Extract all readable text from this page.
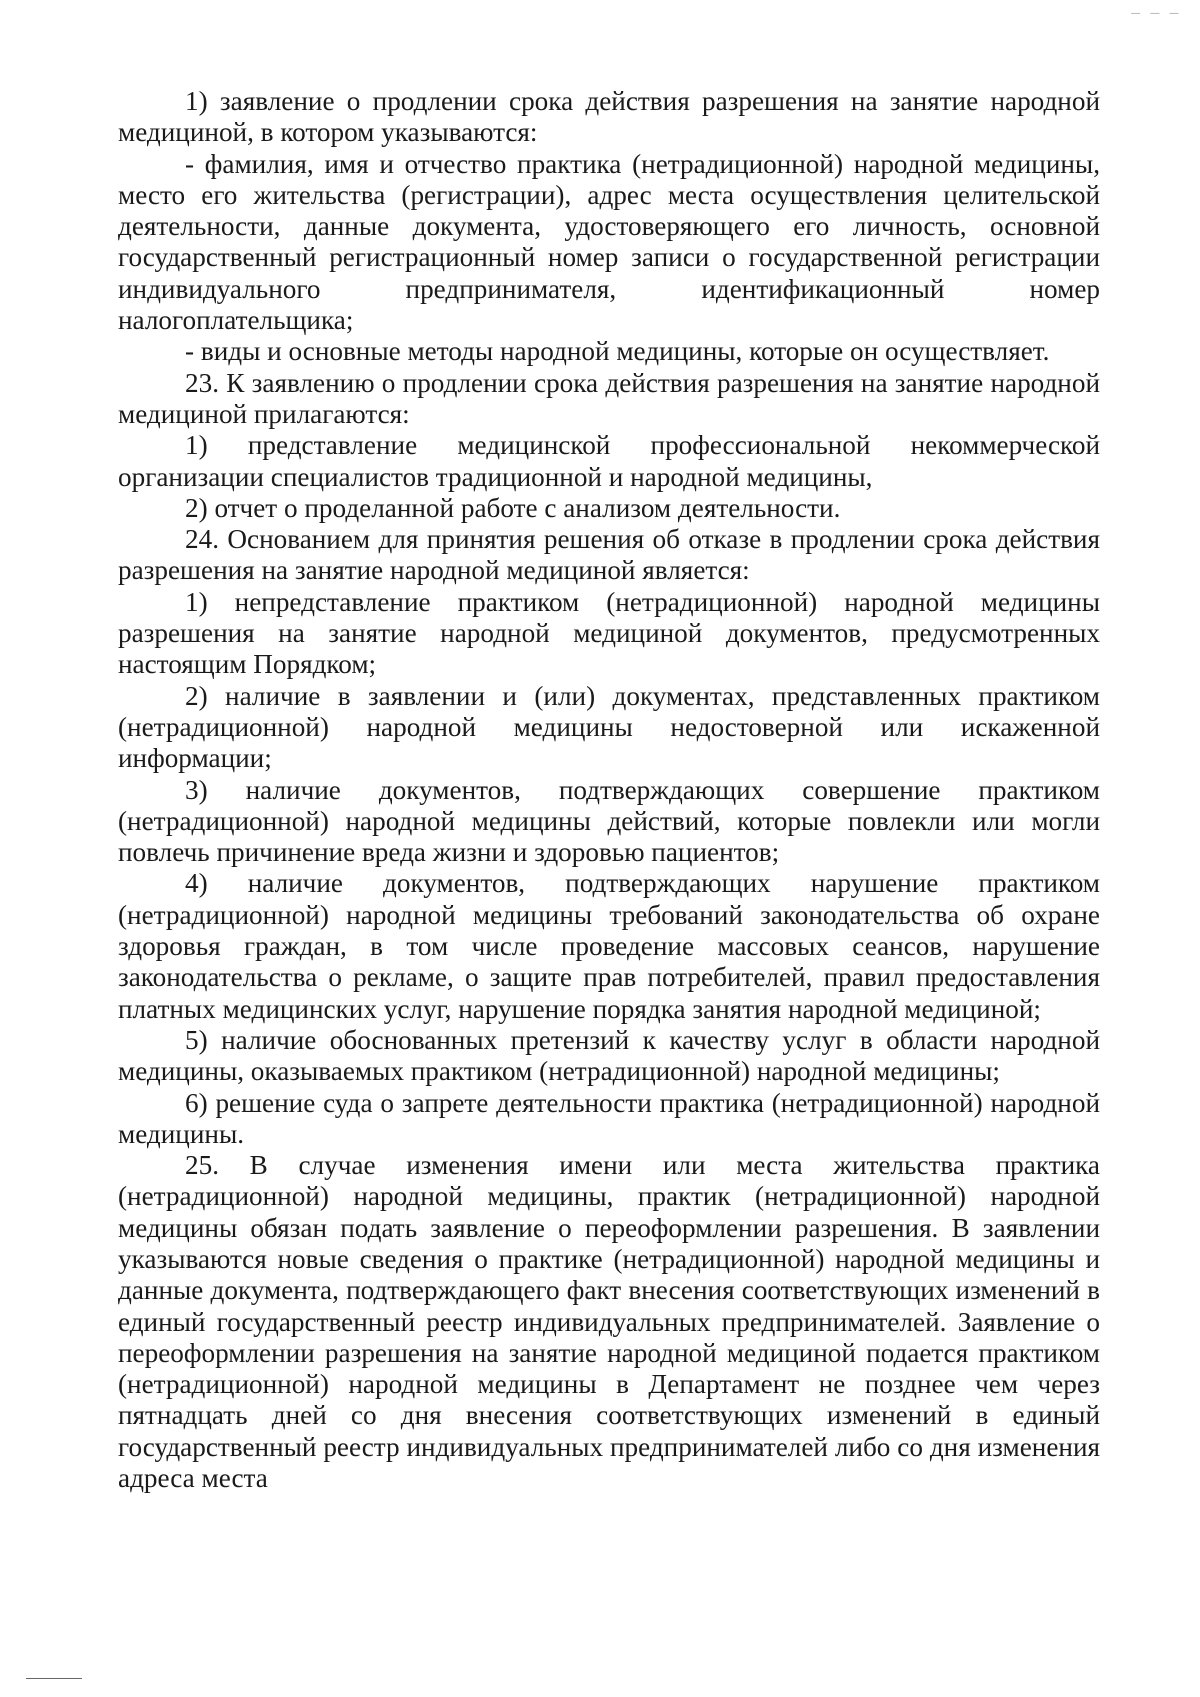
— — —

1) заявление о продлении срока действия разрешения на занятие народной медициной, в котором указываются:

- фамилия, имя и отчество практика (нетрадиционной) народной медицины, место его жительства (регистрации), адрес места осуществления целительской деятельности, данные документа, удостоверяющего его личность, основной государственный регистрационный номер записи о государственной регистрации индивидуального предпринимателя, идентификационный номер налогоплательщика;

- виды и основные методы народной медицины, которые он осуществляет.

23. К заявлению о продлении срока действия разрешения на занятие народной медициной прилагаются:

1) представление медицинской профессиональной некоммерческой организации специалистов традиционной и народной медицины,

2) отчет о проделанной работе с анализом деятельности.

24. Основанием для принятия решения об отказе в продлении срока действия разрешения на занятие народной медициной является:

1) непредставление практиком (нетрадиционной) народной медицины разрешения на занятие народной медициной документов, предусмотренных настоящим Порядком;

2) наличие в заявлении и (или) документах, представленных практиком (нетрадиционной) народной медицины недостоверной или искаженной информации;

3) наличие документов, подтверждающих совершение практиком (нетрадиционной) народной медицины действий, которые повлекли или могли повлечь причинение вреда жизни и здоровью пациентов;

4) наличие документов, подтверждающих нарушение практиком (нетрадиционной) народной медицины требований законодательства об охране здоровья граждан, в том числе проведение массовых сеансов, нарушение законодательства о рекламе, о защите прав потребителей, правил предоставления платных медицинских услуг, нарушение порядка занятия народной медициной;

5) наличие обоснованных претензий к качеству услуг в области народной медицины, оказываемых практиком (нетрадиционной) народной медицины;

6) решение суда о запрете деятельности практика (нетрадиционной) народной медицины.

25. В случае изменения имени или места жительства практика (нетрадиционной) народной медицины, практик (нетрадиционной) народной медицины обязан подать заявление о переоформлении разрешения. В заявлении указываются новые сведения о практике (нетрадиционной) народной медицины и данные документа, подтверждающего факт внесения соответствующих изменений в единый государственный реестр индивидуальных предпринимателей. Заявление о переоформлении разрешения на занятие народной медициной подается практиком (нетрадиционной) народной медицины в Департамент не позднее чем через пятнадцать дней со дня внесения соответствующих изменений в единый государственный реестр индивидуальных предпринимателей либо со дня изменения адреса места
